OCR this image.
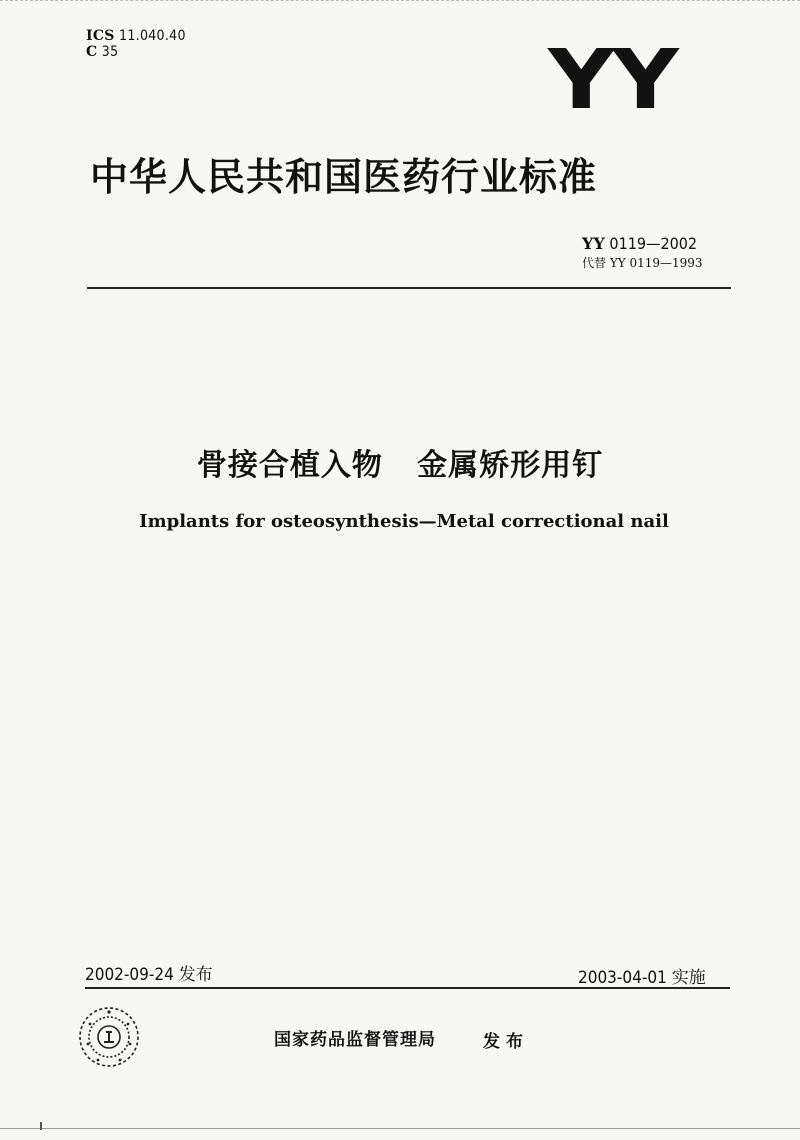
ICS 11.040.40
C 35	YY
中华人民共和国医药行业标准
YY 0119—2002
代替 YY 0119—1993
骨接合植入物   金属矫形用钉
Implants for osteosynthesis—Metal correctional nail
2002-09-24 发布	2003-04-01 实施
国家药品监督管理局	发布
